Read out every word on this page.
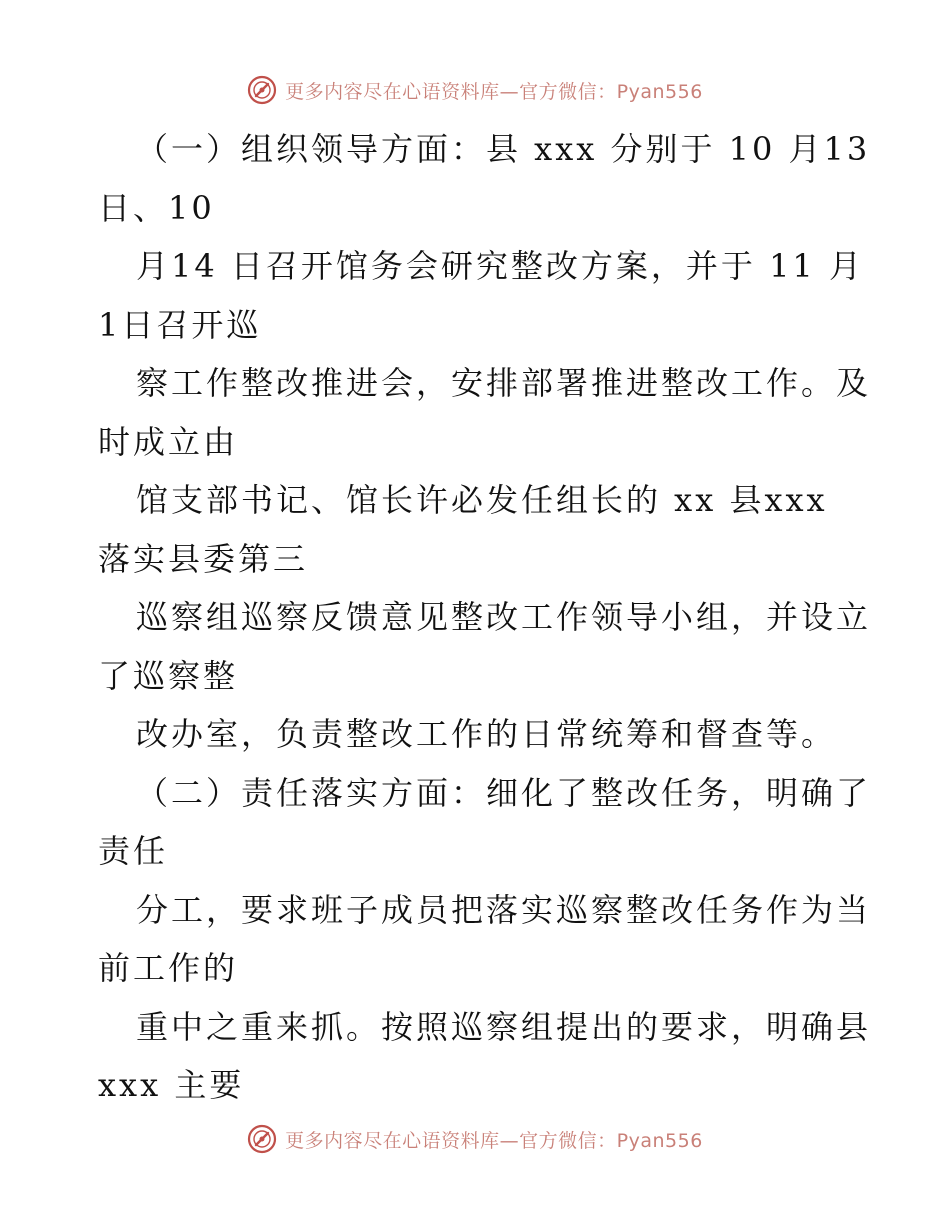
更多内容尽在心语资料库—官方微信：Pyan556
（一）组织领导方面：县 xxx 分别于 10 月13
日、10
月14 日召开馆务会研究整改方案，并于 11 月
1日召开巡
察工作整改推进会，安排部署推进整改工作。及
时成立由
馆支部书记、馆长许必发任组长的 xx 县xxx
落实县委第三
巡察组巡察反馈意见整改工作领导小组，并设立
了巡察整
改办室，负责整改工作的日常统筹和督查等。
（二）责任落实方面：细化了整改任务，明确了
责任
分工，要求班子成员把落实巡察整改任务作为当
前工作的
重中之重来抓。按照巡察组提出的要求，明确县
xxx 主要
更多内容尽在心语资料库—官方微信：Pyan556
